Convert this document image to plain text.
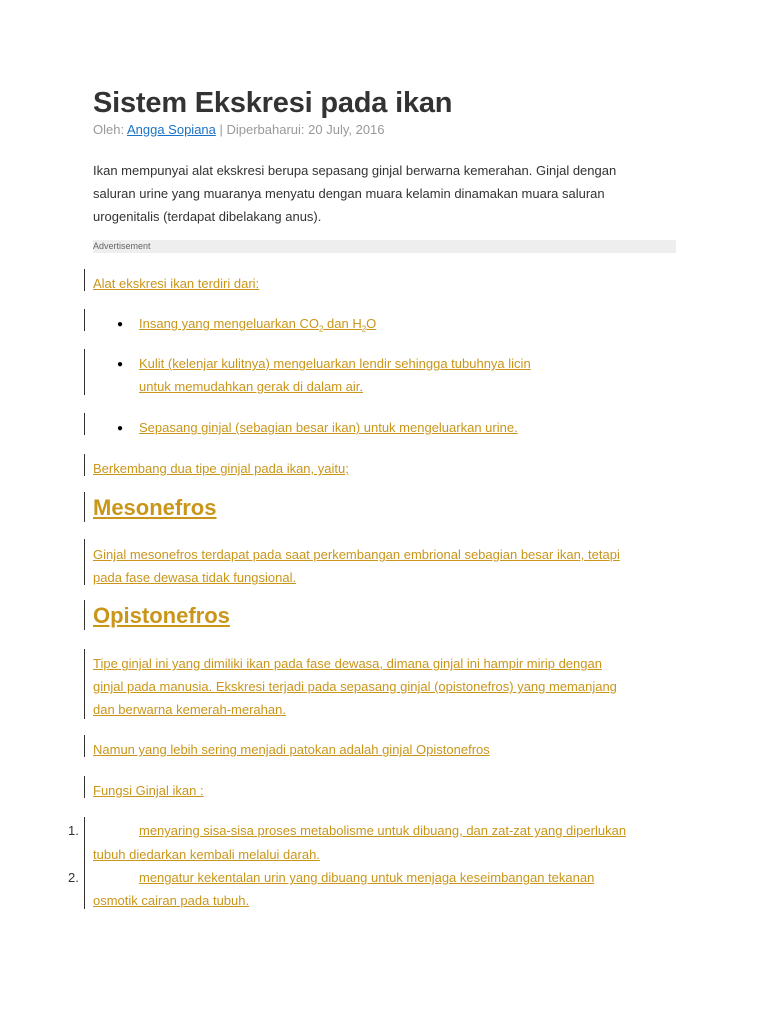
Sistem Ekskresi pada ikan
Oleh: Angga Sopiana | Diperbaharui: 20 July, 2016
Ikan mempunyai alat ekskresi berupa sepasang ginjal berwarna kemerahan. Ginjal dengan
saluran urine yang muaranya menyatu dengan muara kelamin dinamakan muara saluran
urogenitalis (terdapat dibelakang anus).
Advertisement
Alat ekskresi ikan terdiri dari:
● Insang yang mengeluarkan $CO_2$ dan $H_2O$
● Kulit (kelenjar kulitnya) mengeluarkan lendir sehingga tubuhnya licin
untuk memudahkan gerak di dalam air.
● Sepasang ginjal (sebagian besar ikan) untuk mengeluarkan urine.
Berkembang dua tipe ginjal pada ikan, yaitu;
Mesonefros
Ginjal mesonefros terdapat pada saat perkembangan embrional sebagian besar ikan, tetapi
pada fase dewasa tidak fungsional.
Opistonefros
Tipe ginjal ini yang dimiliki ikan pada fase dewasa, dimana ginjal ini hampir mirip dengan
ginjal pada manusia. Ekskresi terjadi pada sepasang ginjal (opistonefros) yang memanjang
dan berwarna kemerah-merahan.
Namun yang lebih sering menjadi patokan adalah ginjal Opistonefros
Fungsi Ginjal ikan :
1.	menyaring sisa-sisa proses metabolisme untuk dibuang, dan zat-zat yang diperlukan
tubuh diedarkan kembali melalui darah.
2.	mengatur kekentalan urin yang dibuang untuk menjaga keseimbangan tekanan
osmotik cairan pada tubuh.
